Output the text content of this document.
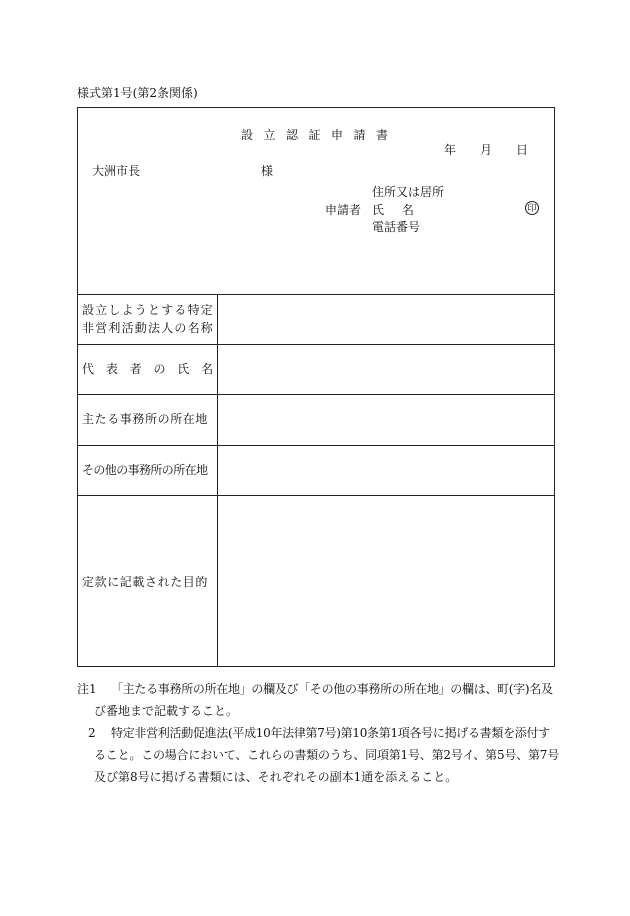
様式第1号(第2条関係)
設立認証申請書
年 月 日
大洲市長	様
住所又は居所
申請者 氏 名	印
電話番号
設立しようとする特定
非営利活動法人の名称
代 表 者 の 氏 名
主たる事務所の所在地
その他の事務所の所在地
定款に記載された目的
注1 「主たる事務所の所在地」の欄及び「その他の事務所の所在地」の欄は、町(字)名及
び番地まで記載すること。
2 特定非営利活動促進法(平成10年法律第7号)第10条第1項各号に掲げる書類を添付す
ること。この場合において、これらの書類のうち、同項第1号、第2号イ、第5号、第7号
及び第8号に掲げる書類には、それぞれその副本1通を添えること。
